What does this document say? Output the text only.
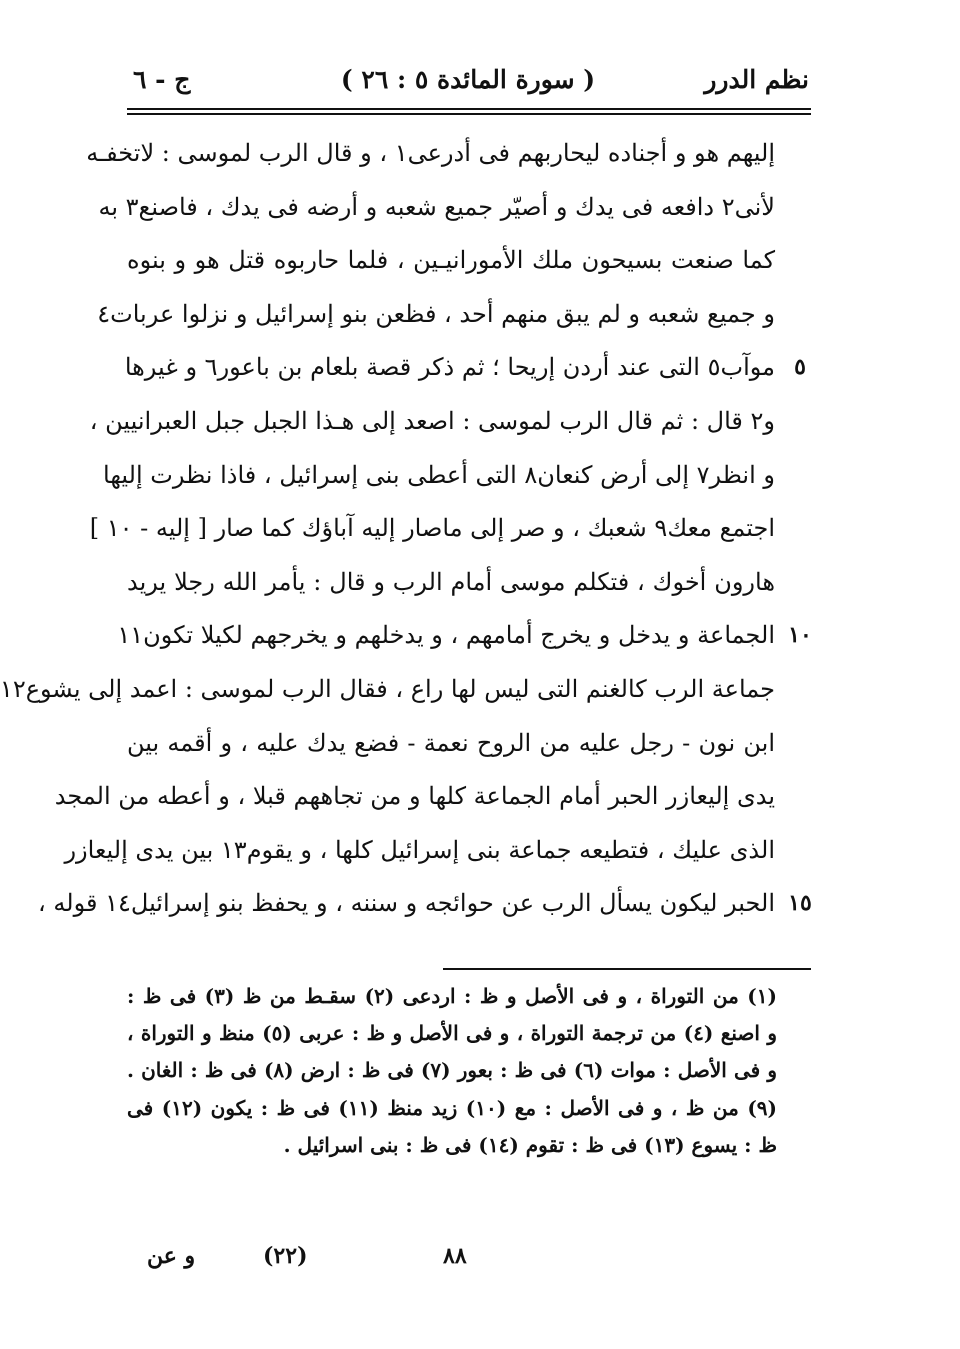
نظم الدرر
( سورة المائدة ٥ : ٢٦ )
ج - ٦
إليهم هو و أجناده ليحاربهم فى أدرعى١ ، و قال الرب لموسى : لاتخفـه
لأنى٢ دافعه فى يدك و أصيّر جميع شعبه و أرضه فى يدك ، فاصنع٣ به
كما صنعت بسيحون ملك الأمورانيـين ، فلما حاربوه قتل هو و بنوه
و جميع شعبه و لم يبق منهم أحد ، فظعن بنو إسرائيل و نزلوا عربات٤
٥
موآب٥ التى عند أردن إريحا ؛ ثم ذكر قصة بلعام بن باعور٦ و غيرها
و٢ قال : ثم قال الرب لموسى : اصعد إلى هـذا الجبل جبل العبرانيين ،
و انظر٧ إلى أرض كنعان٨ التى أعطى بنى إسرائيل ، فاذا نظرت إليها
اجتمع معك٩ شعبك ، و صر إلى ماصار إليه آباؤك كما صار [ إليه - ١٠ ]
هارون أخوك ، فتكلم موسى أمام الرب و قال : يأمر الله رجلا يريد
١٠
الجماعة و يدخل و يخرج أمامهم ، و يدخلهم و يخرجهم لكيلا تكون١١
جماعة الرب كالغنم التى ليس لها راع ، فقال الرب لموسى : اعمد إلى يشوع١٢
ابن نون - رجل عليه من الروح نعمة - فضع يدك عليه ، و أقمه بين
يدى إليعازر الحبر أمام الجماعة كلها و من تجاههم قبلا ، و أعطه من المجد
الذى عليك ، فتطيعه جماعة بنى إسرائيل كلها ، و يقوم١٣ بين يدى إليعازر
١٥
الحبر ليكون يسأل الرب عن حوائجه و سننه ، و يحفظ بنو إسرائيل١٤ قوله ،
(١) من التوراة ، و فى الأصل و ظ : اردعى (٢) سقـط من ظ (٣) فى ظ :
و اصنع (٤) من ترجمة التوراة ، و فى الأصل و ظ : عربى (٥) منظ و التوراة ،
و فى الأصل : موات (٦) فى ظ : بعور (٧) فى ظ : ارض (٨) فى ظ : الغان .
(٩) من ظ ، و فى الأصل : مع (١٠) زيد منظ (١١) فى ظ : يكون (١٢) فى
ظ : يسوع (١٣) فى ظ : تقوم (١٤) فى ظ : بنى اسرائيل .
٨٨
(٢٢)
و عن
